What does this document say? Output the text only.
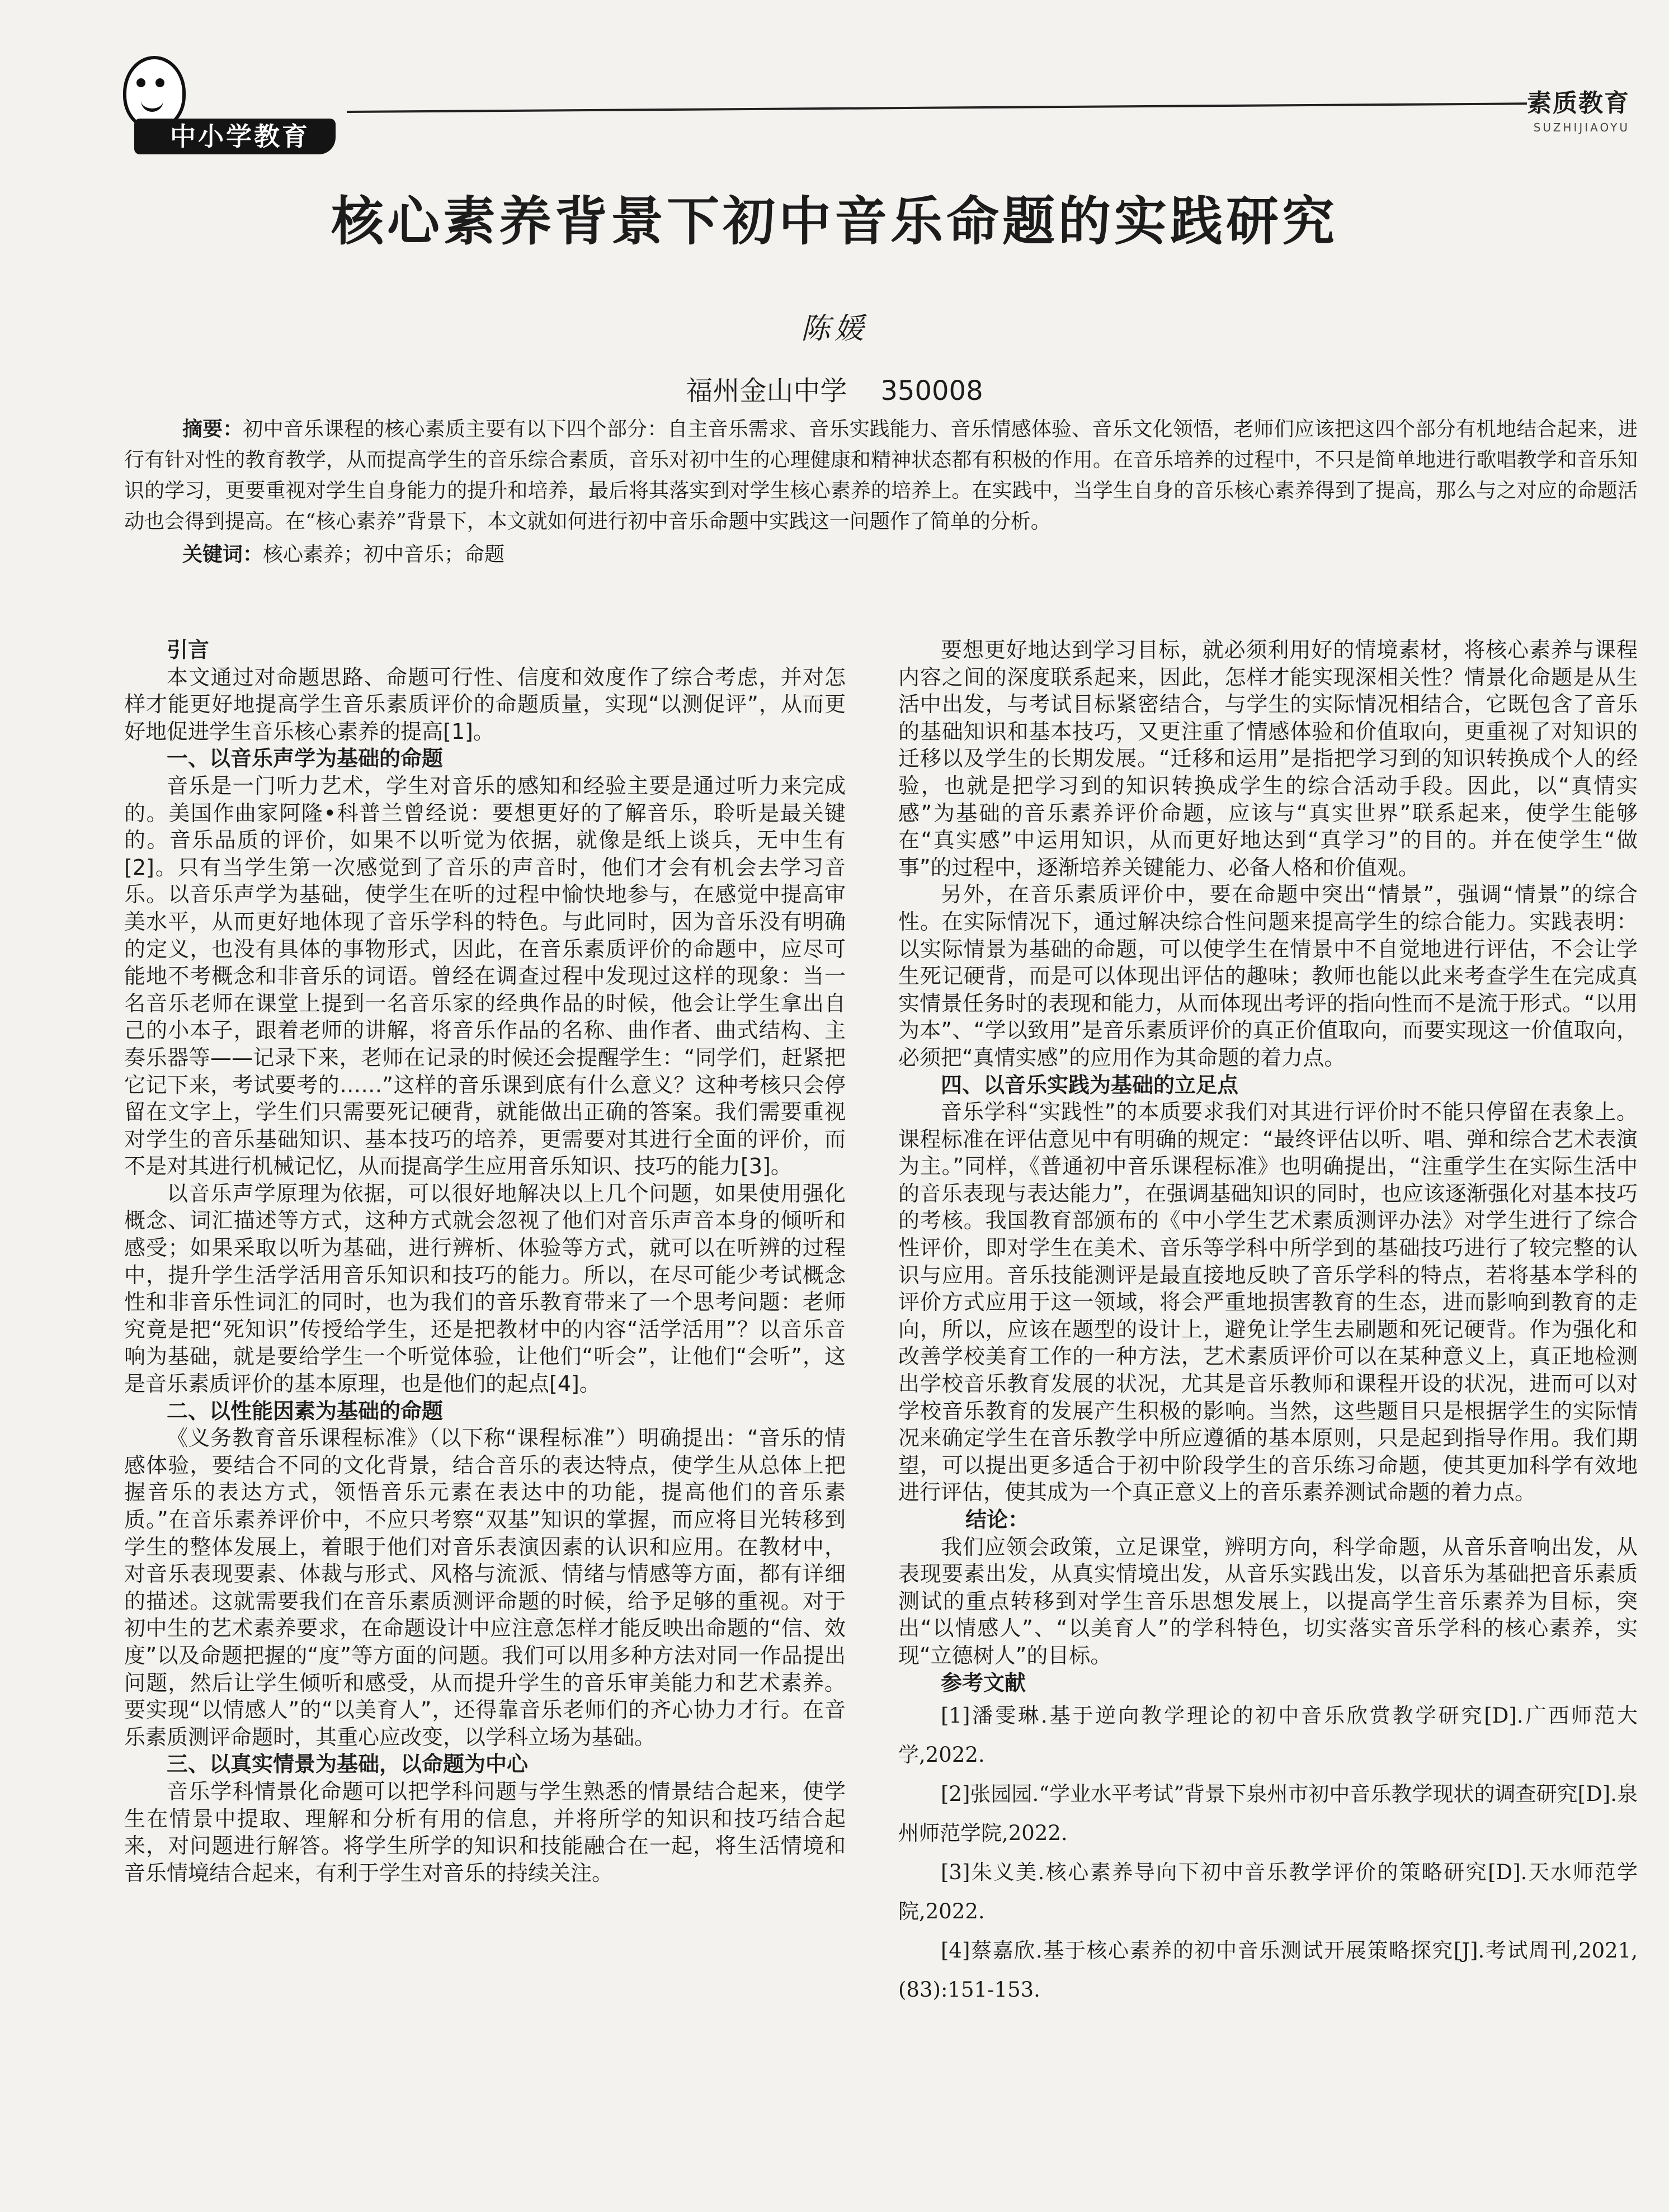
中小学教育
素质教育
SUZHIJIAOYU
核心素养背景下初中音乐命题的实践研究
陈媛
福州金山中学 350008

摘要：初中音乐课程的核心素质主要有以下四个部分：自主音乐需求、音乐实践能力、音乐情感体验、音乐文化领悟，老师们应该把这四个部分有机地结合起来，进行有针对性的教育教学，从而提高学生的音乐综合素质，音乐对初中生的心理健康和精神状态都有积极的作用。在音乐培养的过程中，不只是简单地进行歌唱教学和音乐知识的学习，更要重视对学生自身能力的提升和培养，最后将其落实到对学生核心素养的培养上。在实践中，当学生自身的音乐核心素养得到了提高，那么与之对应的命题活动也会得到提高。在“核心素养”背景下，本文就如何进行初中音乐命题中实践这一问题作了简单的分析。

关键词：核心素养；初中音乐；命题

引言

本文通过对命题思路、命题可行性、信度和效度作了综合考虑，并对怎样才能更好地提高学生音乐素质评价的命题质量，实现“以测促评”，从而更好地促进学生音乐核心素养的提高[1]。

一、以音乐声学为基础的命题

音乐是一门听力艺术，学生对音乐的感知和经验主要是通过听力来完成的。美国作曲家阿隆•科普兰曾经说：要想更好的了解音乐，聆听是最关键的。音乐品质的评价，如果不以听觉为依据，就像是纸上谈兵，无中生有[2]。只有当学生第一次感觉到了音乐的声音时，他们才会有机会去学习音乐。以音乐声学为基础，使学生在听的过程中愉快地参与，在感觉中提高审美水平，从而更好地体现了音乐学科的特色。与此同时，因为音乐没有明确的定义，也没有具体的事物形式，因此，在音乐素质评价的命题中，应尽可能地不考概念和非音乐的词语。曾经在调查过程中发现过这样的现象：当一名音乐老师在课堂上提到一名音乐家的经典作品的时候，他会让学生拿出自己的小本子，跟着老师的讲解，将音乐作品的名称、曲作者、曲式结构、主奏乐器等——记录下来，老师在记录的时候还会提醒学生：“同学们，赶紧把它记下来，考试要考的……”这样的音乐课到底有什么意义？这种考核只会停留在文字上，学生们只需要死记硬背，就能做出正确的答案。我们需要重视对学生的音乐基础知识、基本技巧的培养，更需要对其进行全面的评价，而不是对其进行机械记忆，从而提高学生应用音乐知识、技巧的能力[3]。

以音乐声学原理为依据，可以很好地解决以上几个问题，如果使用强化概念、词汇描述等方式，这种方式就会忽视了他们对音乐声音本身的倾听和感受；如果采取以听为基础，进行辨析、体验等方式，就可以在听辨的过程中，提升学生活学活用音乐知识和技巧的能力。所以，在尽可能少考试概念性和非音乐性词汇的同时，也为我们的音乐教育带来了一个思考问题：老师究竟是把“死知识”传授给学生，还是把教材中的内容“活学活用”？以音乐音响为基础，就是要给学生一个听觉体验，让他们“听会”，让他们“会听”，这是音乐素质评价的基本原理，也是他们的起点[4]。

二、以性能因素为基础的命题

《义务教育音乐课程标准》（以下称“课程标准”）明确提出：“音乐的情感体验，要结合不同的文化背景，结合音乐的表达特点，使学生从总体上把握音乐的表达方式，领悟音乐元素在表达中的功能，提高他们的音乐素质。”在音乐素养评价中，不应只考察“双基”知识的掌握，而应将目光转移到学生的整体发展上，着眼于他们对音乐表演因素的认识和应用。在教材中，对音乐表现要素、体裁与形式、风格与流派、情绪与情感等方面，都有详细的描述。这就需要我们在音乐素质测评命题的时候，给予足够的重视。对于初中生的艺术素养要求，在命题设计中应注意怎样才能反映出命题的“信、效度”以及命题把握的“度”等方面的问题。我们可以用多种方法对同一作品提出问题，然后让学生倾听和感受，从而提升学生的音乐审美能力和艺术素养。要实现“以情感人”的“以美育人”，还得靠音乐老师们的齐心协力才行。在音乐素质测评命题时，其重心应改变，以学科立场为基础。

三、以真实情景为基础，以命题为中心

音乐学科情景化命题可以把学科问题与学生熟悉的情景结合起来，使学生在情景中提取、理解和分析有用的信息，并将所学的知识和技巧结合起来，对问题进行解答。将学生所学的知识和技能融合在一起，将生活情境和音乐情境结合起来，有利于学生对音乐的持续关注。

要想更好地达到学习目标，就必须利用好的情境素材，将核心素养与课程内容之间的深度联系起来，因此，怎样才能实现深相关性？情景化命题是从生活中出发，与考试目标紧密结合，与学生的实际情况相结合，它既包含了音乐的基础知识和基本技巧，又更注重了情感体验和价值取向，更重视了对知识的迁移以及学生的长期发展。“迁移和运用”是指把学习到的知识转换成个人的经验，也就是把学习到的知识转换成学生的综合活动手段。因此，以“真情实感”为基础的音乐素养评价命题，应该与“真实世界”联系起来，使学生能够在“真实感”中运用知识，从而更好地达到“真学习”的目的。并在使学生“做事”的过程中，逐渐培养关键能力、必备人格和价值观。

另外，在音乐素质评价中，要在命题中突出“情景”，强调“情景”的综合性。在实际情况下，通过解决综合性问题来提高学生的综合能力。实践表明：以实际情景为基础的命题，可以使学生在情景中不自觉地进行评估，不会让学生死记硬背，而是可以体现出评估的趣味；教师也能以此来考查学生在完成真实情景任务时的表现和能力，从而体现出考评的指向性而不是流于形式。“以用为本”、“学以致用”是音乐素质评价的真正价值取向，而要实现这一价值取向，必须把“真情实感”的应用作为其命题的着力点。

四、以音乐实践为基础的立足点

音乐学科“实践性”的本质要求我们对其进行评价时不能只停留在表象上。课程标准在评估意见中有明确的规定：“最终评估以听、唱、弹和综合艺术表演为主。”同样，《普通初中音乐课程标准》也明确提出，“注重学生在实际生活中的音乐表现与表达能力”，在强调基础知识的同时，也应该逐渐强化对基本技巧的考核。我国教育部颁布的《中小学生艺术素质测评办法》对学生进行了综合性评价，即对学生在美术、音乐等学科中所学到的基础技巧进行了较完整的认识与应用。音乐技能测评是最直接地反映了音乐学科的特点，若将基本学科的评价方式应用于这一领域，将会严重地损害教育的生态，进而影响到教育的走向，所以，应该在题型的设计上，避免让学生去刷题和死记硬背。作为强化和改善学校美育工作的一种方法，艺术素质评价可以在某种意义上，真正地检测出学校音乐教育发展的状况，尤其是音乐教师和课程开设的状况，进而可以对学校音乐教育的发展产生积极的影响。当然，这些题目只是根据学生的实际情况来确定学生在音乐教学中所应遵循的基本原则，只是起到指导作用。我们期望，可以提出更多适合于初中阶段学生的音乐练习命题，使其更加科学有效地进行评估，使其成为一个真正意义上的音乐素养测试命题的着力点。

结论：

我们应领会政策，立足课堂，辨明方向，科学命题，从音乐音响出发，从表现要素出发，从真实情境出发，从音乐实践出发，以音乐为基础把音乐素质测试的重点转移到对学生音乐思想发展上，以提高学生音乐素养为目标，突出“以情感人”、“以美育人”的学科特色，切实落实音乐学科的核心素养，实现“立德树人”的目标。

参考文献

[1]潘雯琳.基于逆向教学理论的初中音乐欣赏教学研究[D].广西师范大学,2022.

[2]张园园.“学业水平考试”背景下泉州市初中音乐教学现状的调查研究[D].泉州师范学院,2022.

[3]朱义美.核心素养导向下初中音乐教学评价的策略研究[D].天水师范学院,2022.

[4]蔡嘉欣.基于核心素养的初中音乐测试开展策略探究[J].考试周刊,2021,(83):151-153.
